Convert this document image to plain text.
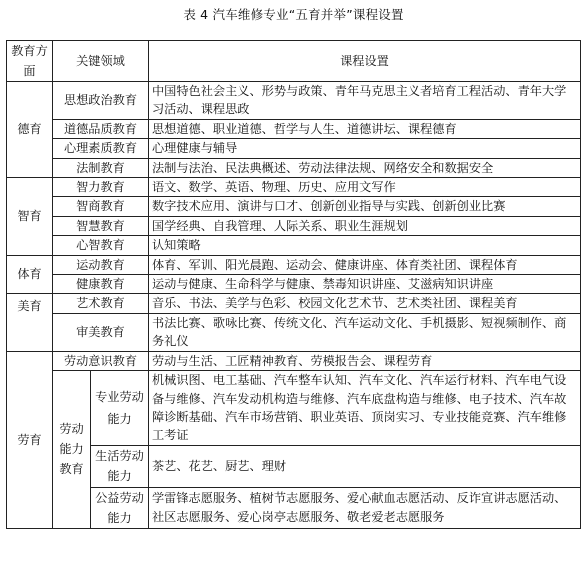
表 4 汽车维修专业“五育并举”课程设置
教育方面	关键领域		课程设置
德育	思想政治教育		中国特色社会主义、形势与政策、青年马克思主义者培育工程活动、青年大学习活动、课程思政

	道德品质教育		思想道德、职业道德、哲学与人生、道德讲坛、课程德育
	心理素质教育		心理健康与辅导
	法制教育		法制与法治、民法典概述、劳动法律法规、网络安全和数据安全
智育	智力教育		语文、数学、英语、物理、历史、应用文写作
	智商教育		数字技术应用、演讲与口才、创新创业指导与实践、创新创业比赛
	智慧教育		国学经典、自我管理、人际关系、职业生涯规划
	心智教育		认知策略
体育	运动教育		体育、军训、阳光晨跑、运动会、健康讲座、体育类社团、课程体育
	健康教育		运动与健康、生命科学与健康、禁毒知识讲座、艾滋病知识讲座
美育	艺术教育		音乐、书法、美学与色彩、校园文化艺术节、艺术类社团、课程美育
	审美教育		书法比赛、歌咏比赛、传统文化、汽车运动文化、手机摄影、短视频制作、商务礼仪
劳育	劳动意识教育		劳动与生活、工匠精神教育、劳模报告会、课程劳育
	劳动能力教育	专业劳动能力	机械识图、电工基础、汽车整车认知、汽车文化、汽车运行材料、汽车电气设备与维修、汽车发动机构造与维修、汽车底盘构造与维修、电子技术、汽车故障诊断基础、汽车市场营销、职业英语、顶岗实习、专业技能竞赛、汽车维修工考证
		生活劳动能力	茶艺、花艺、厨艺、理财
		公益劳动能力	学雷锋志愿服务、植树节志愿服务、爱心献血志愿活动、反诈宣讲志愿活动、社区志愿服务、爱心岗亭志愿服务、敬老爱老志愿服务
